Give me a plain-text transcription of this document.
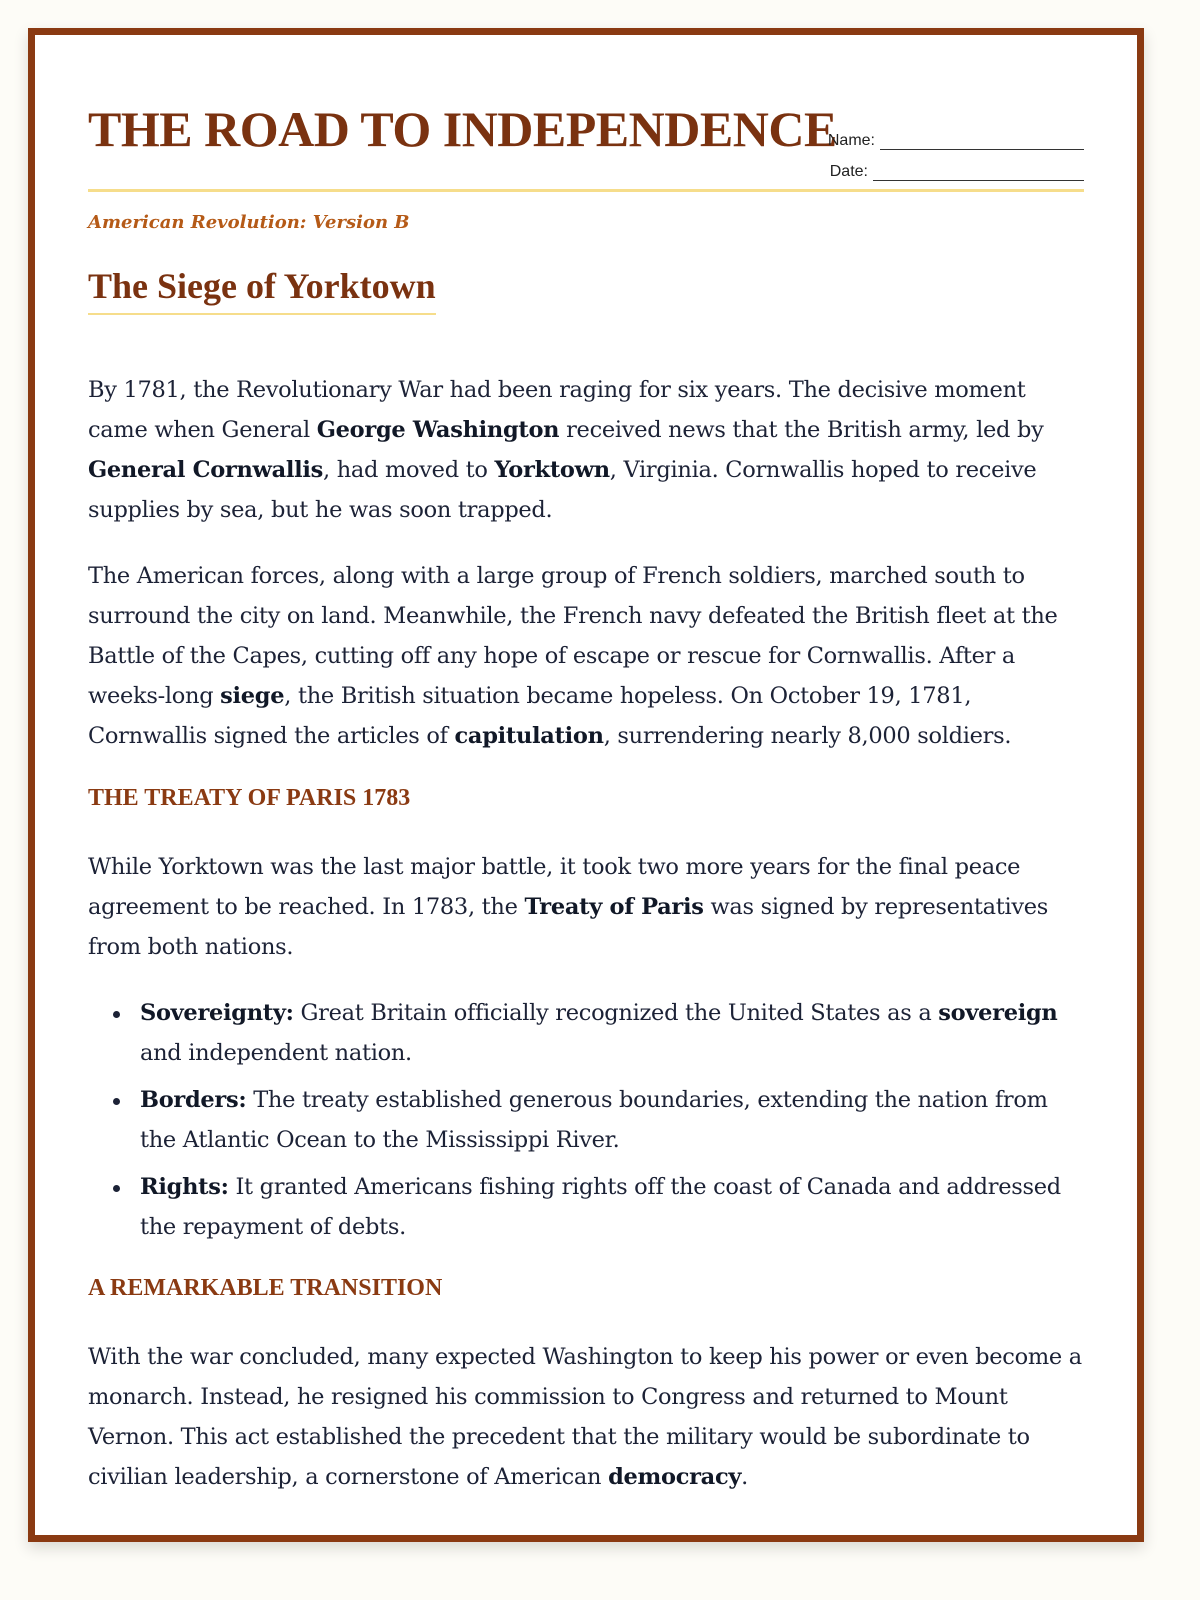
THE ROAD TO INDEPENDENCE
Name:
Date:
American Revolution: Version B
The Siege of Yorktown

By 1781, the Revolutionary War had been raging for six years. The decisive moment came when General George Washington received news that the British army, led by General Cornwallis, had moved to Yorktown, Virginia. Cornwallis hoped to receive supplies by sea, but he was soon trapped.

The American forces, along with a large group of French soldiers, marched south to surround the city on land. Meanwhile, the French navy defeated the British fleet at the Battle of the Capes, cutting off any hope of escape or rescue for Cornwallis. After a weeks-long siege, the British situation became hopeless. On October 19, 1781, Cornwallis signed the articles of capitulation, surrendering nearly 8,000 soldiers.

THE TREATY OF PARIS 1783

While Yorktown was the last major battle, it took two more years for the final peace agreement to be reached. In 1783, the Treaty of Paris was signed by representatives from both nations.

Sovereignty: Great Britain officially recognized the United States as a sovereign and independent nation.
Borders: The treaty established generous boundaries, extending the nation from the Atlantic Ocean to the Mississippi River.
Rights: It granted Americans fishing rights off the coast of Canada and addressed the repayment of debts.
A REMARKABLE TRANSITION

With the war concluded, many expected Washington to keep his power or even become a monarch. Instead, he resigned his commission to Congress and returned to Mount Vernon. This act established the precedent that the military would be subordinate to civilian leadership, a cornerstone of American democracy.
